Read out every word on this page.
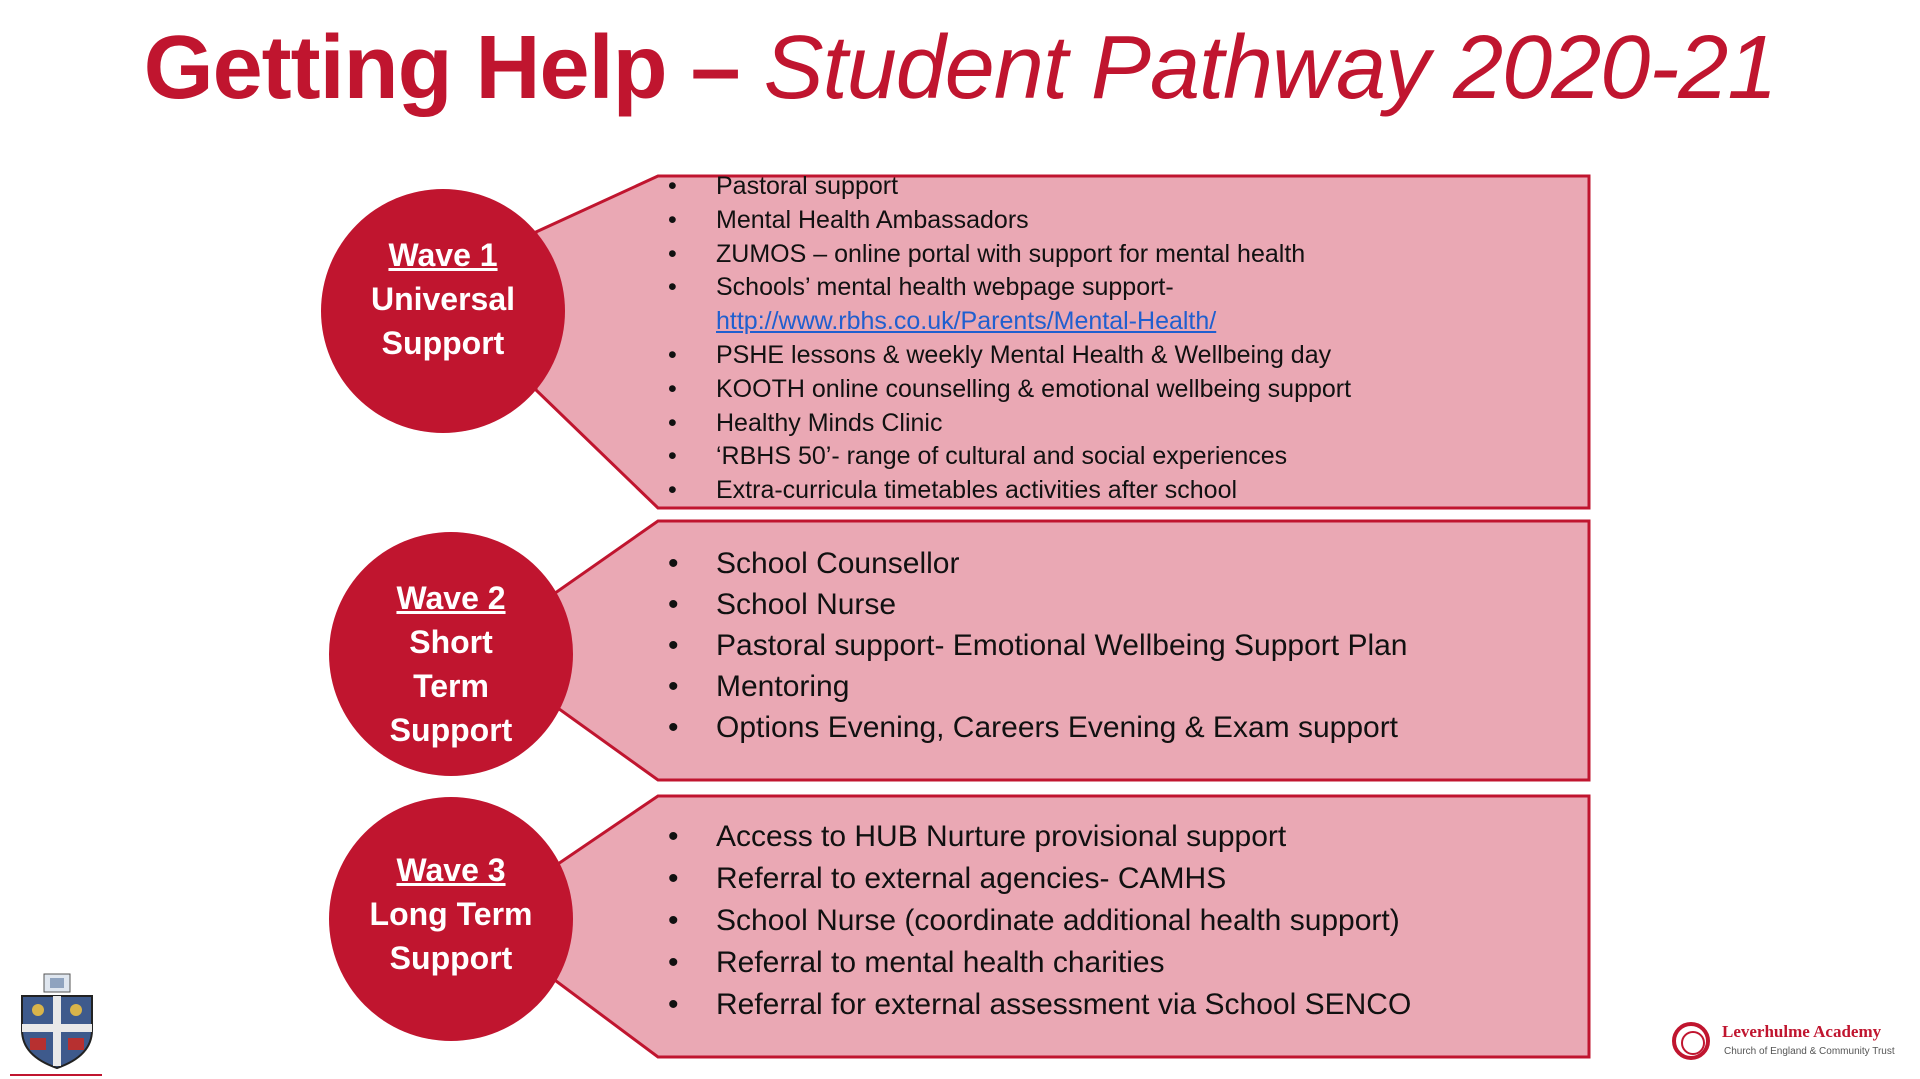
Getting Help – Student Pathway 2020-21
Wave 1
Universal
Support
Wave 2
Short
Term
Support
Wave 3
Long Term
Support
• Pastoral support
• Mental Health Ambassadors
• ZUMOS – online portal with support for mental health
• Schools’ mental health webpage support-
http://www.rbhs.co.uk/Parents/Mental-Health/
• PSHE lessons & weekly Mental Health & Wellbeing day
• KOOTH online counselling & emotional wellbeing support
• Healthy Minds Clinic
• ‘RBHS 50’- range of cultural and social experiences
• Extra-curricula timetables activities after school
• School Counsellor
• School Nurse
• Pastoral support- Emotional Wellbeing Support Plan
• Mentoring
• Options Evening, Careers Evening & Exam support
• Access to HUB Nurture provisional support
• Referral to external agencies- CAMHS
• School Nurse (coordinate additional health support)
• Referral to mental health charities
• Referral for external assessment via School SENCO
Leverhulme Academy
Church of England & Community Trust
